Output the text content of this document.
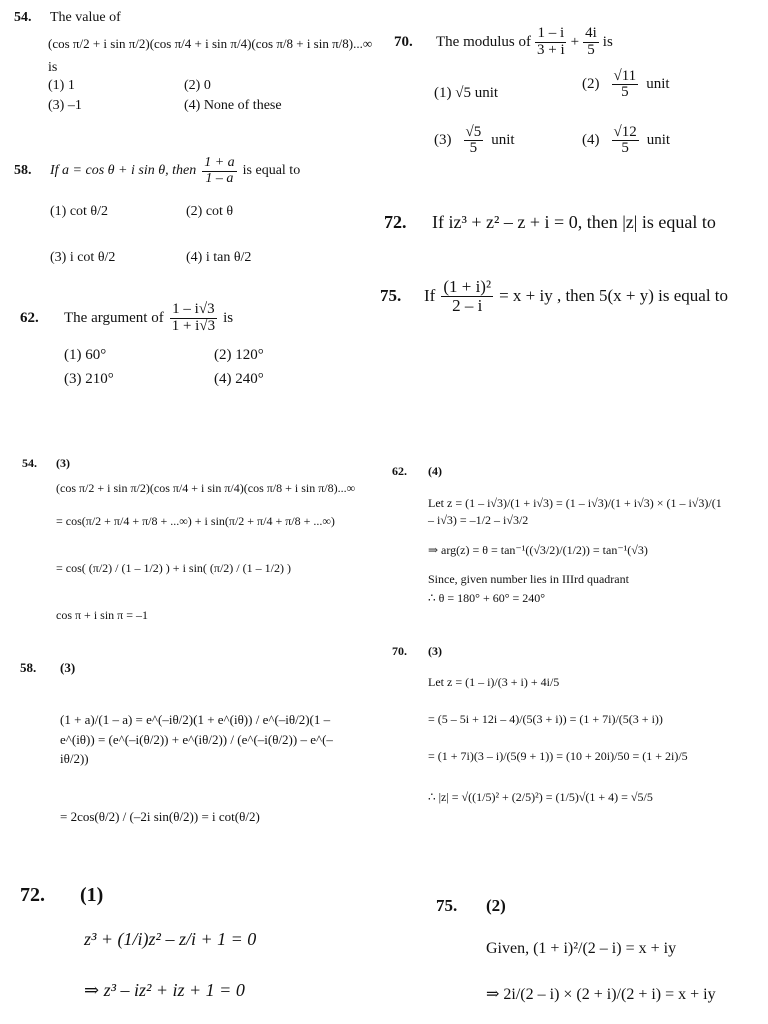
54.	The value of
(cos π/2 + i sin π/2)(cos π/4 + i sin π/4)(cos π/8 + i sin π/8)...∞
is
(1) 1	(2) 0
(3) –1	(4) None of these
58.	If a = cos θ + i sin θ, then $\frac{1 + a}{1 - a}$ is equal to
(1) cot θ/2	(2) cot θ
(3) i cot θ/2	(4) i tan θ/2
62.	The argument of $\frac{1 - i√3}{1 + i√3}$ is
(1) 60°	(2) 120°
(3) 210°	(4) 240°
70.	The modulus of $\frac{1 - i}{3 + i} + \frac{4i}{5}$ is
(1) √5 unit
$(2) \frac{√11}{5}$ unit
$(3) \frac{√5}{5}$ unit	$(4) \frac{√12}{5}$ unit
72.	If iz³ + z² – z + i = 0, then |z| is equal to
75.	If $\frac{\text{(1 + i)²}}{2 - i} = x$ + iy , then 5(x + y) is equal to
54.	(3)
(cos π/2 + i sin π/2)(cos π/4 + i sin π/4)(cos π/8 + i sin π/8)...∞
= cos(π/2 + π/4 + π/8 + ...∞) + i sin(π/2 + π/4 + π/8 + ...∞)
= cos( (π/2) / (1 – 1/2) ) + i sin( (π/2) / (1 – 1/2) )
cos π + i sin π = –1
58.	(3)
(1 + a)/(1 – a) = e^(–iθ/2)(1 + e^(iθ)) / e^(–iθ/2)(1 – e^(iθ)) = (e^(–i(θ/2)) + e^(iθ/2)) / (e^(–i(θ/2)) – e^(–iθ/2))
= 2cos(θ/2) / (–2i sin(θ/2)) = i cot(θ/2)
62.	(4)
Let z = (1 – i√3)/(1 + i√3) = (1 – i√3)/(1 + i√3) × (1 – i√3)/(1 – i√3) = –1/2 – i√3/2
⇒ arg(z) = θ = tan⁻¹((√3/2)/(1/2)) = tan⁻¹(√3)
Since, given number lies in IIIrd quadrant
∴ θ = 180° + 60° = 240°
70.	(3)
Let z = (1 – i)/(3 + i) + 4i/5
= (5 – 5i + 12i – 4)/(5(3 + i)) = (1 + 7i)/(5(3 + i))
= (1 + 7i)(3 – i)/(5(9 + 1)) = (10 + 20i)/50 = (1 + 2i)/5
∴ |z| = √((1/5)² + (2/5)²) = (1/5)√(1 + 4) = √5/5
72.	(1)
z³ + (1/i)z² – z/i + 1 = 0
⇒ z³ – iz² + iz + 1 = 0
75.	(2)
Given, (1 + i)²/(2 – i) = x + iy
⇒ 2i/(2 – i) × (2 + i)/(2 + i) = x + iy
